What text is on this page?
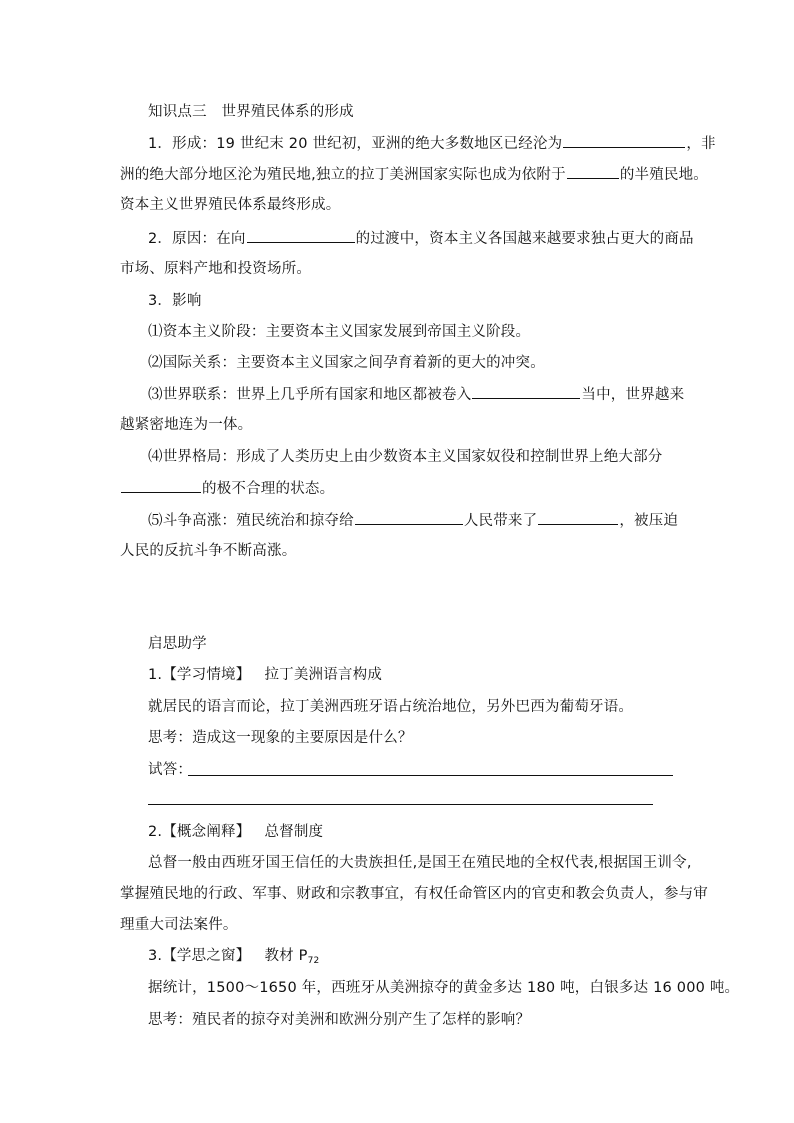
知识点三　世界殖民体系的形成
1．形成：19 世纪末 20 世纪初，亚洲的绝大多数地区已经沦为	，非
洲的绝大部分地区沦为殖民地,独立的拉丁美洲国家实际也成为依附于	的半殖民地。
资本主义世界殖民体系最终形成。
2．原因：在向	的过渡中，资本主义各国越来越要求独占更大的商品
市场、原料产地和投资场所。
3．影响
⑴资本主义阶段：主要资本主义国家发展到帝国主义阶段。
⑵国际关系：主要资本主义国家之间孕育着新的更大的冲突。
⑶世界联系：世界上几乎所有国家和地区都被卷入	当中，世界越来
越紧密地连为一体。
⑷世界格局：形成了人类历史上由少数资本主义国家奴役和控制世界上绝大部分
的极不合理的状态。
⑸斗争高涨：殖民统治和掠夺给	人民带来了	，被压迫
人民的反抗斗争不断高涨。
启思助学
1.【学习情境】 拉丁美洲语言构成
就居民的语言而论，拉丁美洲西班牙语占统治地位，另外巴西为葡萄牙语。
思考：造成这一现象的主要原因是什么？
试答：
2.【概念阐释】 总督制度
总督一般由西班牙国王信任的大贵族担任,是国王在殖民地的全权代表,根据国王训令,
掌握殖民地的行政、军事、财政和宗教事宜，有权任命管区内的官吏和教会负责人，参与审
理重大司法案件。
3.【学思之窗】 教材 $P_{72}$
据统计，1500～1650 年，西班牙从美洲掠夺的黄金多达 180 吨，白银多达 16 000 吨。
思考：殖民者的掠夺对美洲和欧洲分别产生了怎样的影响？
